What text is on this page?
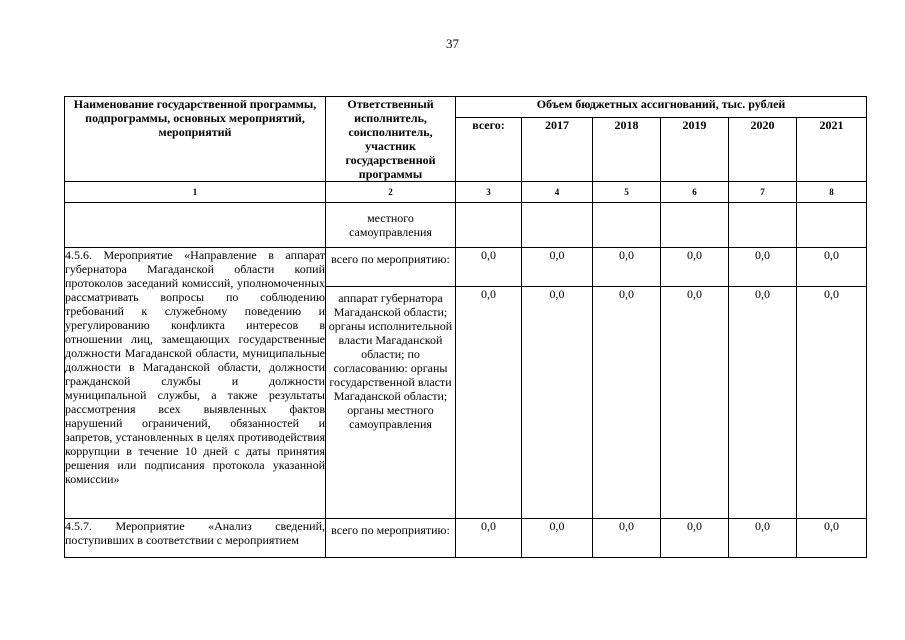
37
Наименование государственной программы, подпрограммы, основных мероприятий, мероприятий	Ответственный исполнитель, соисполнитель, участник государственной программы	Объем бюджетных ассигнований, тыс. рублей					
		всего:	2017	2018	2019	2020	2021
1	2	3	4	5	6	7	8
	местного самоуправления						
4.5.6. Мероприятие «Направление в аппарат губернатора Магаданской области копий протоколов заседаний комиссий, уполномоченных рассматривать вопросы по соблюдению требований к служебному поведению и урегулированию конфликта интересов в отношении лиц, замещающих государственные должности Магаданской области, муниципальные должности в Магаданской области, должности гражданской службы и должности муниципальной службы, а также результаты рассмотрения всех выявленных фактов нарушений ограничений, обязанностей и запретов, установленных в целях противодействия коррупции в течение 10 дней с даты принятия решения или подписания протокола указанной комиссии»	всего по мероприятию:	0,0	0,0	0,0	0,0	0,0	0,0
	аппарат губернатора Магаданской области; органы исполнительной власти Магаданской области; по согласованию: органы государственной власти Магаданской области; органы местного самоуправления	0,0	0,0	0,0	0,0	0,0	0,0
4.5.7. Мероприятие «Анализ сведений, поступивших в соответствии с мероприятием	всего по мероприятию:	0,0	0,0	0,0	0,0	0,0	0,0
